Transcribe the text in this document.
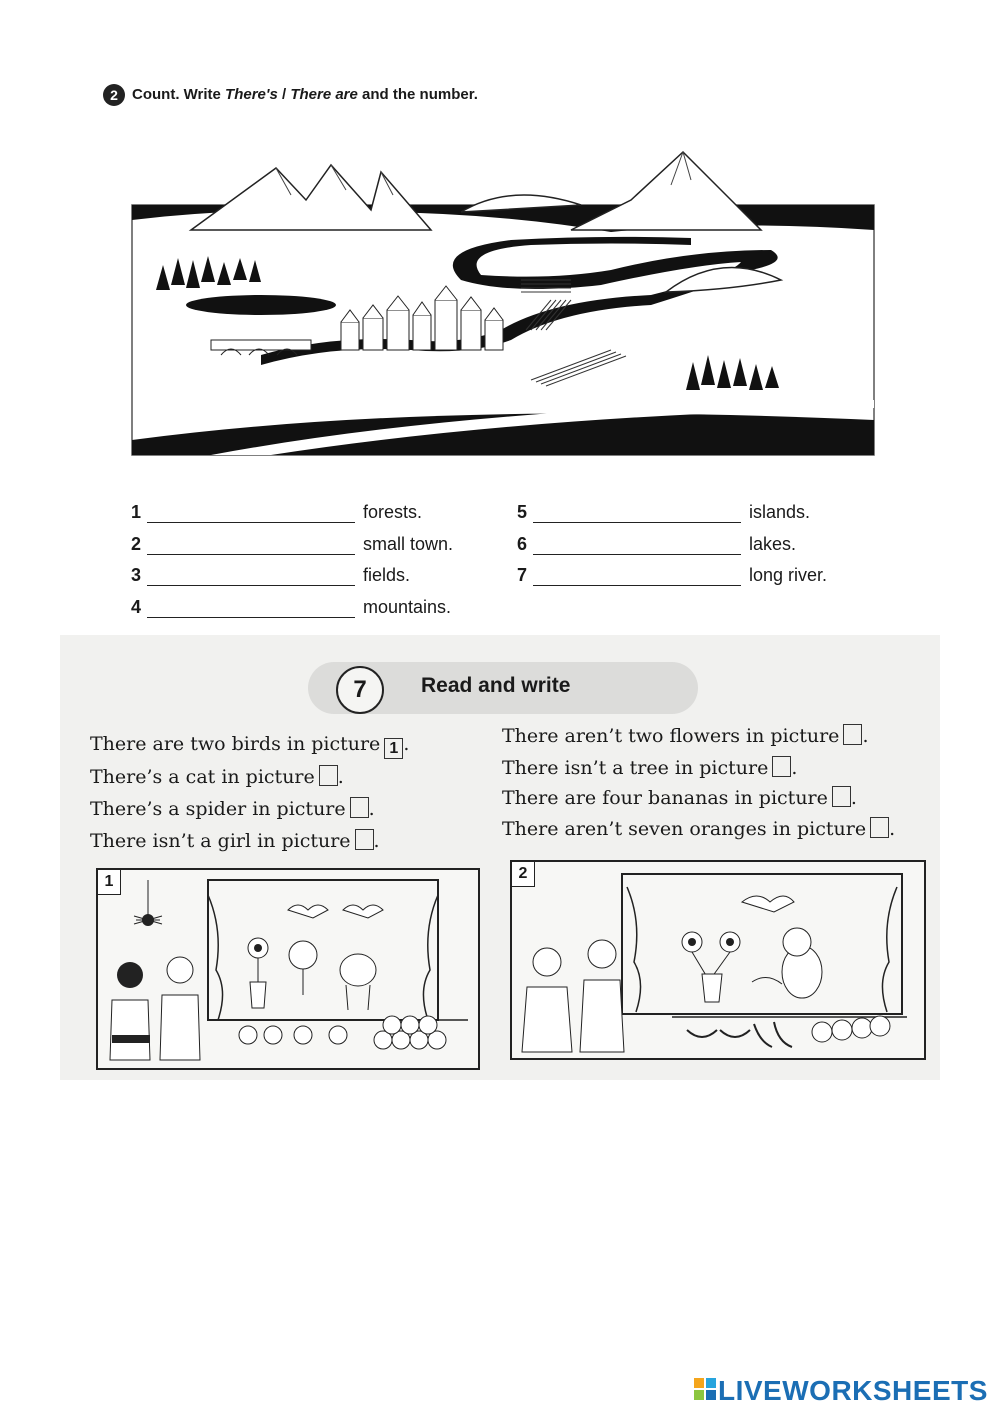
2 Count. Write There's / There are and the number.
1	forests.
2	small town.
3	fields.
4	mountains.
5	islands.
6	lakes.
7	long river.
7	Read and write
There are two birds in picture 1 .
There’s a cat in picture .
There’s a spider in picture .
There isn’t a girl in picture .
There aren’t two flowers in picture .
There isn’t a tree in picture .
There are four bananas in picture .
There aren’t seven oranges in picture .
1	2
LIVEWORKSHEETS
